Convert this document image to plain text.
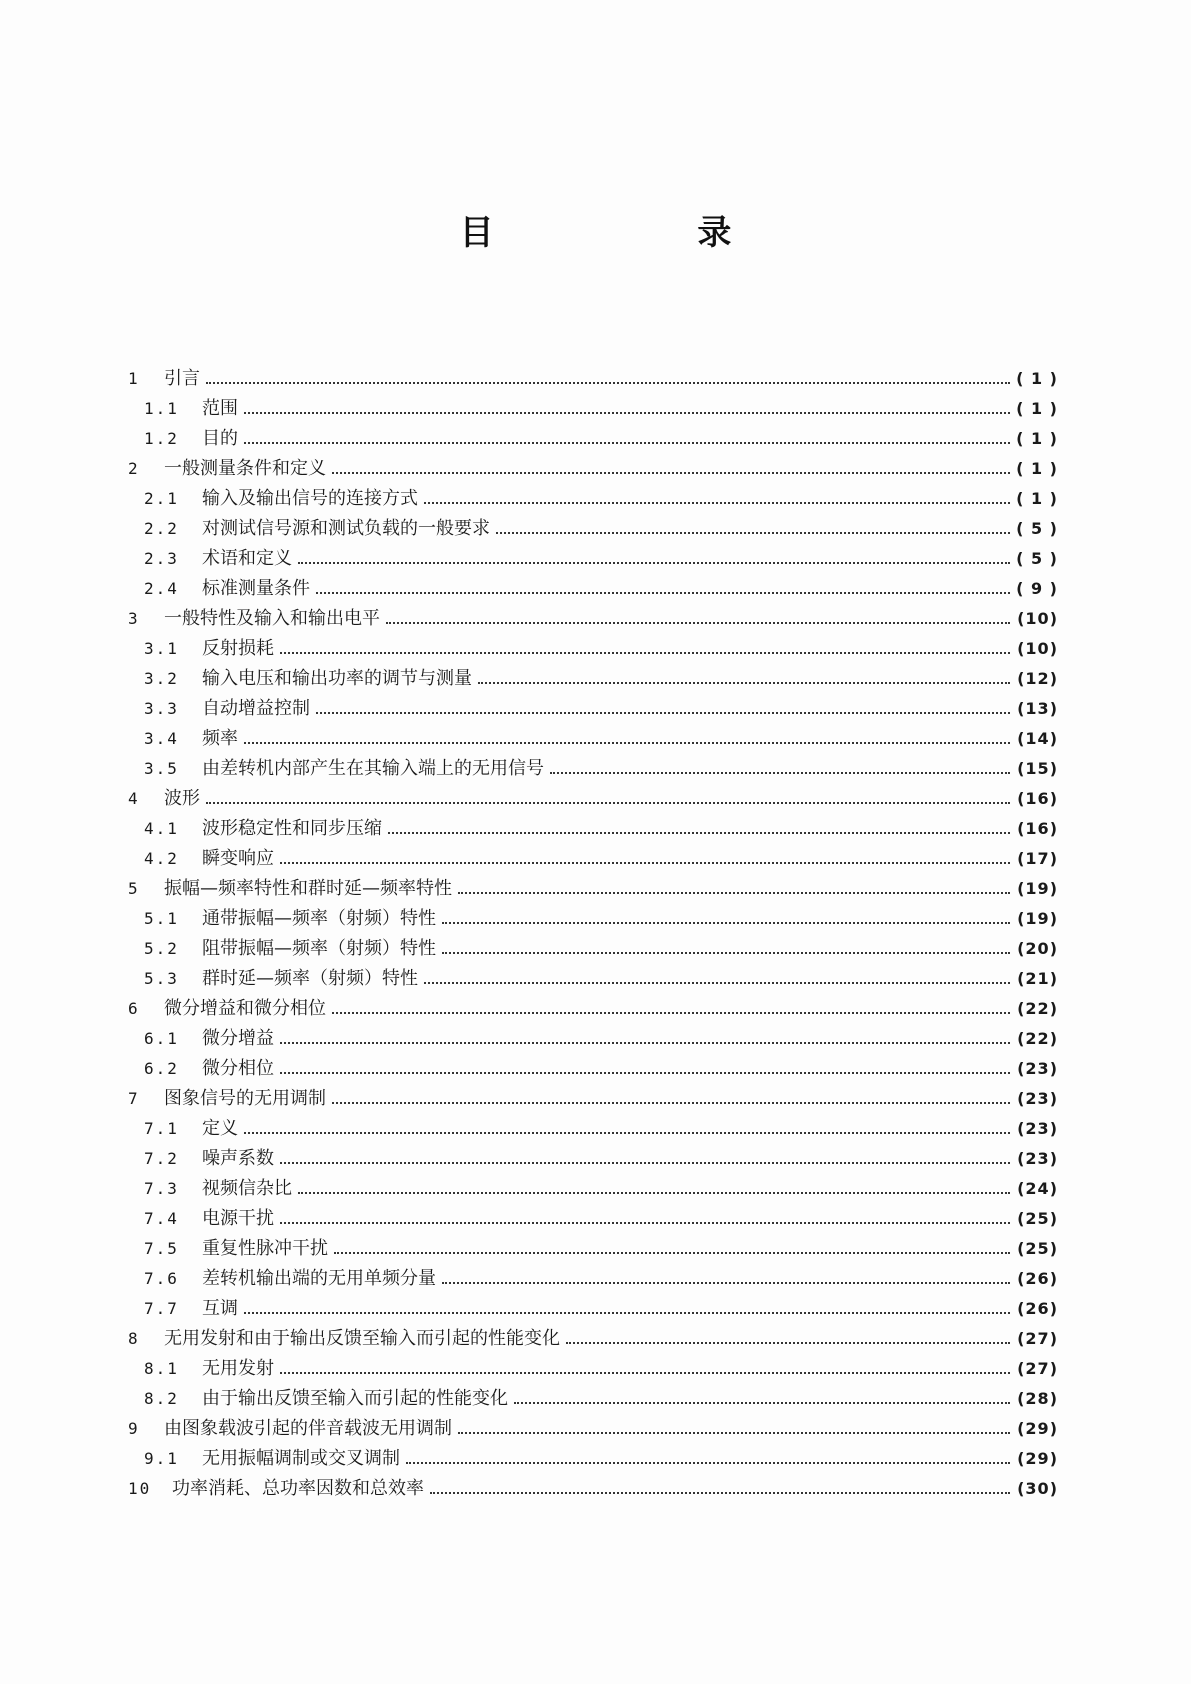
目 录
1	引言	( 1 )
1.1	范围	( 1 )
1.2	目的	( 1 )
2	一般测量条件和定义	( 1 )
2.1	输入及输出信号的连接方式	( 1 )
2.2	对测试信号源和测试负载的一般要求	( 5 )
2.3	术语和定义	( 5 )
2.4	标准测量条件	( 9 )
3	一般特性及输入和输出电平	(10)
3.1	反射损耗	(10)
3.2	输入电压和输出功率的调节与测量	(12)
3.3	自动增益控制	(13)
3.4	频率	(14)
3.5	由差转机内部产生在其输入端上的无用信号	(15)
4	波形	(16)
4.1	波形稳定性和同步压缩	(16)
4.2	瞬变响应	(17)
5	振幅—频率特性和群时延—频率特性	(19)
5.1	通带振幅—频率（射频）特性	(19)
5.2	阻带振幅—频率（射频）特性	(20)
5.3	群时延—频率（射频）特性	(21)
6	微分增益和微分相位	(22)
6.1	微分增益	(22)
6.2	微分相位	(23)
7	图象信号的无用调制	(23)
7.1	定义	(23)
7.2	噪声系数	(23)
7.3	视频信杂比	(24)
7.4	电源干扰	(25)
7.5	重复性脉冲干扰	(25)
7.6	差转机输出端的无用单频分量	(26)
7.7	互调	(26)
8	无用发射和由于输出反馈至输入而引起的性能变化	(27)
8.1	无用发射	(27)
8.2	由于输出反馈至输入而引起的性能变化	(28)
9	由图象载波引起的伴音载波无用调制	(29)
9.1	无用振幅调制或交叉调制	(29)
10	功率消耗、总功率因数和总效率	(30)
